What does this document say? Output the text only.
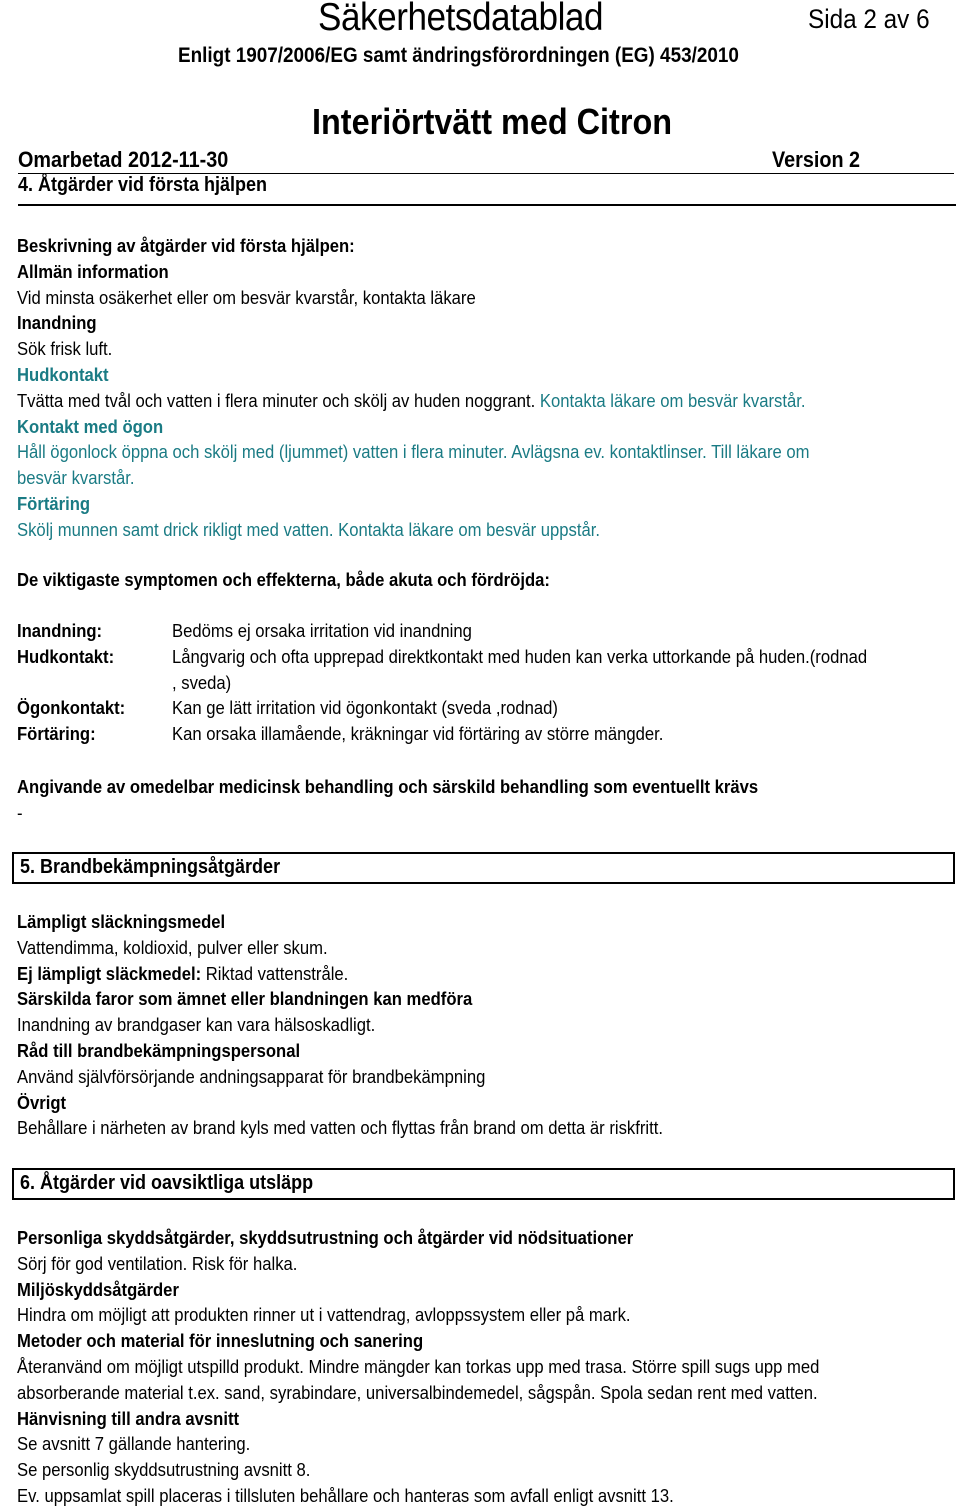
Säkerhetsdatablad	Sida 2 av 6
Enligt 1907/2006/EG samt ändringsförordningen (EG) 453/2010
Interiörtvätt med Citron
Omarbetad 2012-11-30	Version 2
4. Åtgärder vid första hjälpen
Beskrivning av åtgärder vid första hjälpen:
Allmän information
Vid minsta osäkerhet eller om besvär kvarstår, kontakta läkare
Inandning
Sök frisk luft.
Hudkontakt
Tvätta med tvål och vatten i flera minuter och skölj av huden noggrant. Kontakta läkare om besvär kvarstår.
Kontakt med ögon
Håll ögonlock öppna och skölj med (ljummet) vatten i flera minuter. Avlägsna ev. kontaktlinser. Till läkare om
besvär kvarstår.
Förtäring
Skölj munnen samt drick rikligt med vatten. Kontakta läkare om besvär uppstår.
De viktigaste symptomen och effekterna, både akuta och fördröjda:
Inandning:	Bedöms ej orsaka irritation vid inandning
Hudkontakt:	Långvarig och ofta upprepad direktkontakt med huden kan verka uttorkande på huden.(rodnad
, sveda)
Ögonkontakt:	Kan ge lätt irritation vid ögonkontakt (sveda ,rodnad)
Förtäring:	Kan orsaka illamående, kräkningar vid förtäring av större mängder.
Angivande av omedelbar medicinsk behandling och särskild behandling som eventuellt krävs
-
5. Brandbekämpningsåtgärder
Lämpligt släckningsmedel
Vattendimma, koldioxid, pulver eller skum.
Ej lämpligt släckmedel: Riktad vattenstråle.
Särskilda faror som ämnet eller blandningen kan medföra
Inandning av brandgaser kan vara hälsoskadligt.
Råd till brandbekämpningspersonal
Använd självförsörjande andningsapparat för brandbekämpning
Övrigt
Behållare i närheten av brand kyls med vatten och flyttas från brand om detta är riskfritt.
6. Åtgärder vid oavsiktliga utsläpp
Personliga skyddsåtgärder, skyddsutrustning och åtgärder vid nödsituationer
Sörj för god ventilation. Risk för halka.
Miljöskyddsåtgärder
Hindra om möjligt att produkten rinner ut i vattendrag, avloppssystem eller på mark.
Metoder och material för inneslutning och sanering
Återanvänd om möjligt utspilld produkt. Mindre mängder kan torkas upp med trasa. Större spill sugs upp med
absorberande material t.ex. sand, syrabindare, universalbindemedel, sågspån. Spola sedan rent med vatten.
Hänvisning till andra avsnitt
Se avsnitt 7 gällande hantering.
Se personlig skyddsutrustning avsnitt 8.
Ev. uppsamlat spill placeras i tillsluten behållare och hanteras som avfall enligt avsnitt 13.
